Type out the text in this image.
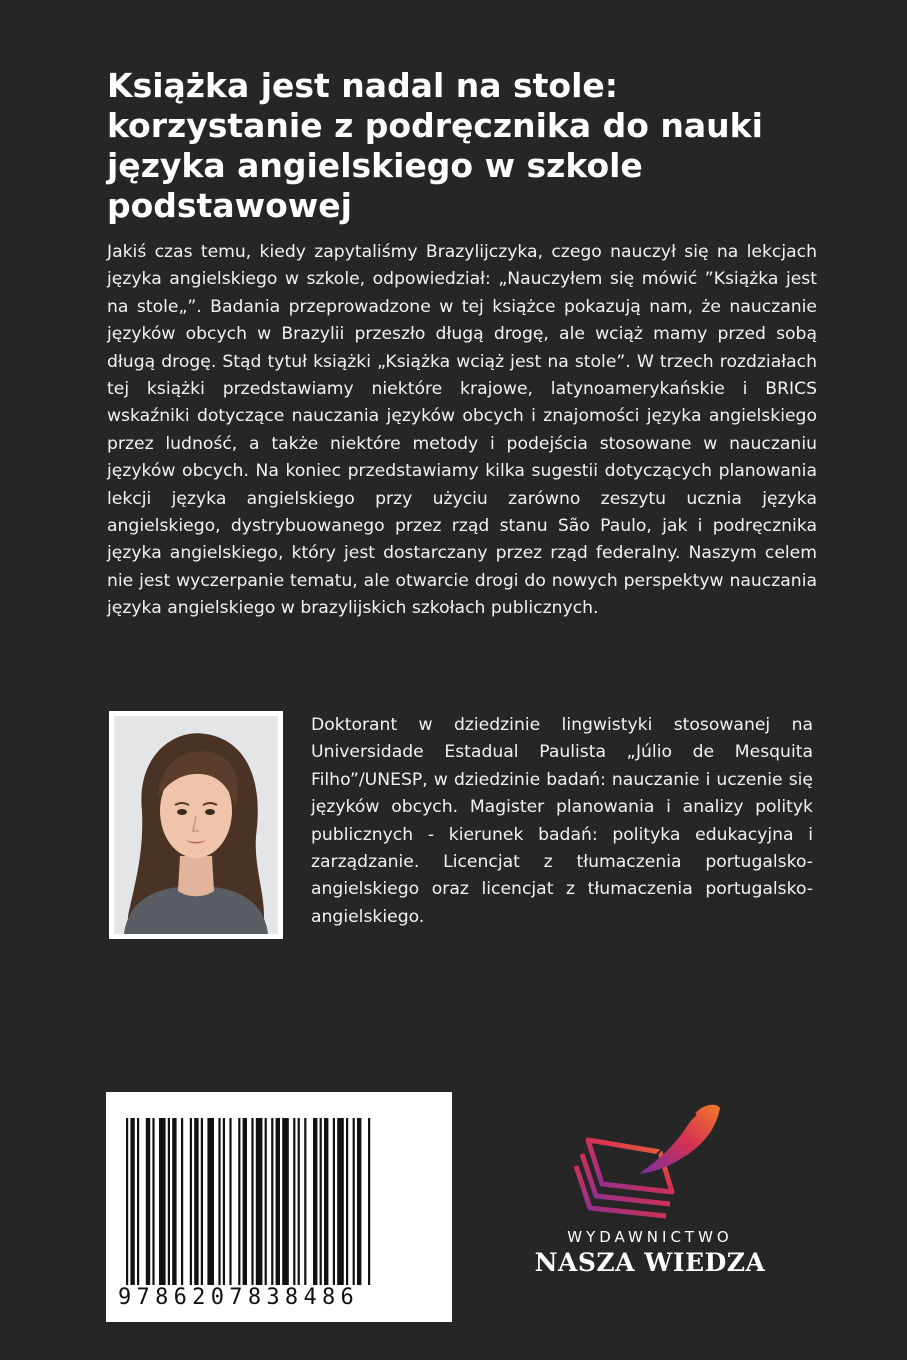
Książka jest nadal na stole: korzystanie z podręcznika do nauki języka angielskiego w szkole podstawowej

Jakiś czas temu, kiedy zapytaliśmy Brazylijczyka, czego nauczył się na lekcjach języka angielskiego w szkole, odpowiedział: „Nauczyłem się mówić ”Książka jest na stole„”. Badania przeprowadzone w tej książce pokazują nam, że nauczanie języków obcych w Brazylii przeszło długą drogę, ale wciąż mamy przed sobą długą drogę. Stąd tytuł książki „Książka wciąż jest na stole”. W trzech rozdziałach tej książki przedstawiamy niektóre krajowe, latynoamerykańskie i BRICS wskaźniki dotyczące nauczania języków obcych i znajomości języka angielskiego przez ludność, a także niektóre metody i podejścia stosowane w nauczaniu języków obcych. Na koniec przedstawiamy kilka sugestii dotyczących planowania lekcji języka angielskiego przy użyciu zarówno zeszytu ucznia języka angielskiego, dystrybuowanego przez rząd stanu São Paulo, jak i podręcznika języka angielskiego, który jest dostarczany przez rząd federalny. Naszym celem nie jest wyczerpanie tematu, ale otwarcie drogi do nowych perspektyw nauczania języka angielskiego w brazylijskich szkołach publicznych.

Doktorant w dziedzinie lingwistyki stosowanej na Universidade Estadual Paulista „Júlio de Mesquita Filho”/UNESP, w dziedzinie badań: nauczanie i uczenie się języków obcych. Magister planowania i analizy polityk publicznych - kierunek badań: polityka edukacyjna i zarządzanie. Licencjat z tłumaczenia portugalsko-angielskiego oraz licencjat z tłumaczenia portugalsko-angielskiego.

9786207838486
WYDAWNICTWO
NASZA WIEDZA
